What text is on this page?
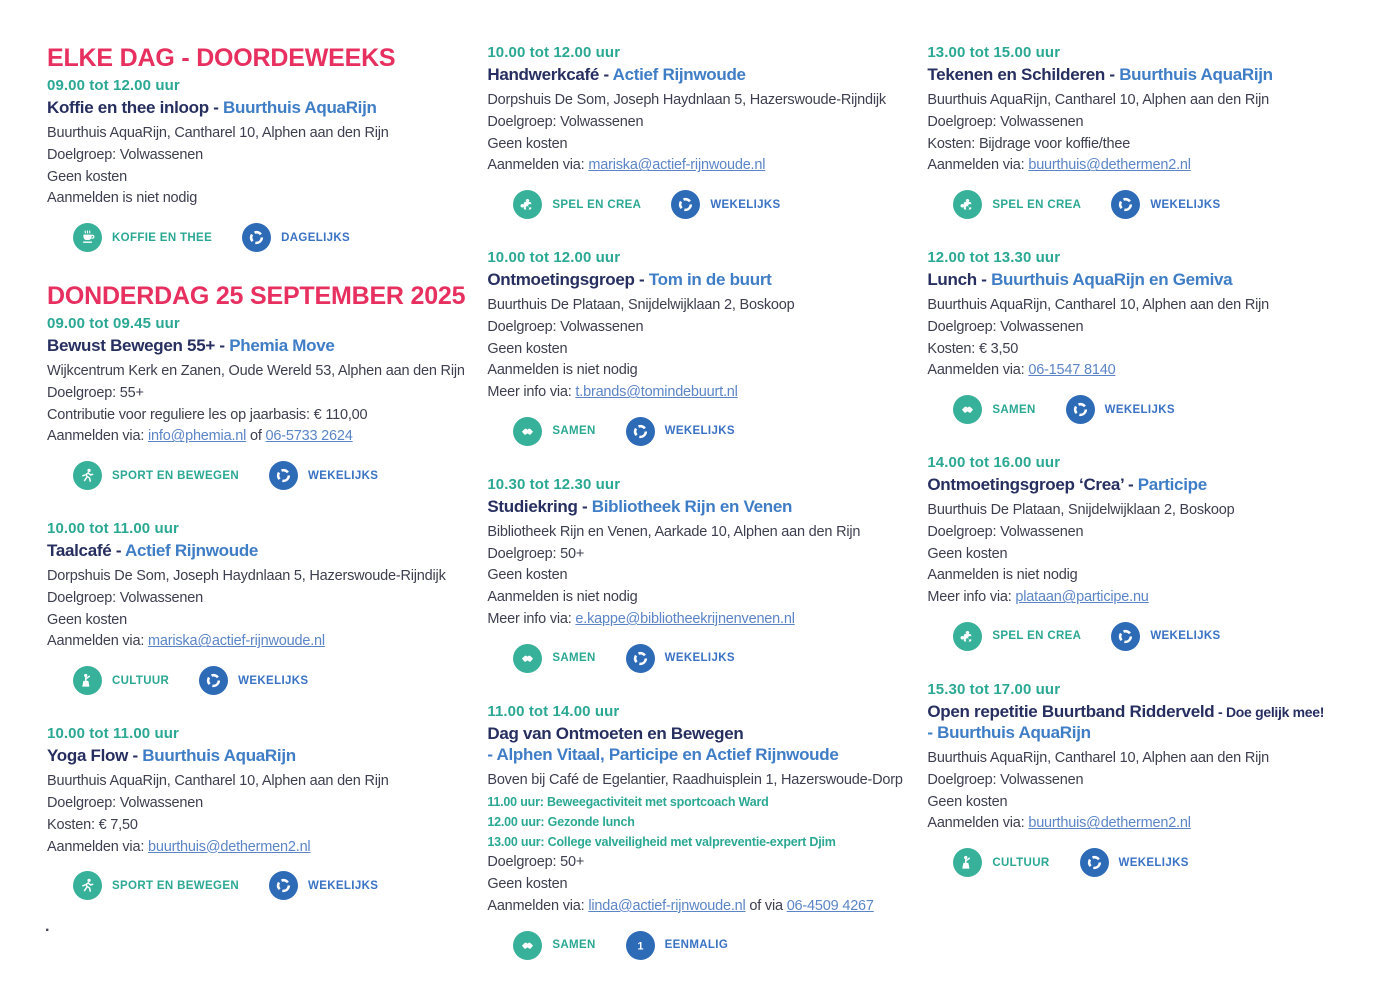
ELKE DAG - DOORDEWEEKS
09.00 tot 12.00 uur
Koffie en thee inloop - Buurthuis AquaRijn
Buurthuis AquaRijn, Cantharel 10, Alphen aan den Rijn
Doelgroep: Volwassenen
Geen kosten
Aanmelden is niet nodig
KOFFIE EN THEE	DAGELIJKS
DONDERDAG 25 SEPTEMBER 2025
09.00 tot 09.45 uur
Bewust Bewegen 55+ - Phemia Move
Wijkcentrum Kerk en Zanen, Oude Wereld 53, Alphen aan den Rijn
Doelgroep: 55+
Contributie voor reguliere les op jaarbasis: € 110,00
Aanmelden via: info@phemia.nl of 06-5733 2624
SPORT EN BEWEGEN	WEKELIJKS
10.00 tot 11.00 uur
Taalcafé - Actief Rijnwoude
Dorpshuis De Som, Joseph Haydnlaan 5, Hazerswoude-Rijndijk
Doelgroep: Volwassenen
Geen kosten
Aanmelden via: mariska@actief-rijnwoude.nl
CULTUUR	WEKELIJKS
10.00 tot 11.00 uur
Yoga Flow - Buurthuis AquaRijn
Buurthuis AquaRijn, Cantharel 10, Alphen aan den Rijn
Doelgroep: Volwassenen
Kosten: € 7,50
Aanmelden via: buurthuis@dethermen2.nl
SPORT EN BEWEGEN	WEKELIJKS
10.00 tot 12.00 uur
Handwerkcafé - Actief Rijnwoude
Dorpshuis De Som, Joseph Haydnlaan 5, Hazerswoude-Rijndijk
Doelgroep: Volwassenen
Geen kosten
Aanmelden via: mariska@actief-rijnwoude.nl
SPEL EN CREA	WEKELIJKS
10.00 tot 12.00 uur
Ontmoetingsgroep - Tom in de buurt
Buurthuis De Plataan, Snijdelwijklaan 2, Boskoop
Doelgroep: Volwassenen
Geen kosten
Aanmelden is niet nodig
Meer info via: t.brands@tomindebuurt.nl
SAMEN	WEKELIJKS
10.30 tot 12.30 uur
Studiekring - Bibliotheek Rijn en Venen
Bibliotheek Rijn en Venen, Aarkade 10, Alphen aan den Rijn
Doelgroep: 50+
Geen kosten
Aanmelden is niet nodig
Meer info via: e.kappe@bibliotheekrijnenvenen.nl
SAMEN	WEKELIJKS
11.00 tot 14.00 uur
Dag van Ontmoeten en Bewegen
- Alphen Vitaal, Participe en Actief Rijnwoude
Boven bij Café de Egelantier, Raadhuisplein 1, Hazerswoude-Dorp
11.00 uur: Beweegactiviteit met sportcoach Ward
12.00 uur: Gezonde lunch
13.00 uur: College valveiligheid met valpreventie-expert Djim
Doelgroep: 50+
Geen kosten
Aanmelden via: linda@actief-rijnwoude.nl of via 06-4509 4267
SAMEN	1 EENMALIG
13.00 tot 15.00 uur
Tekenen en Schilderen - Buurthuis AquaRijn
Buurthuis AquaRijn, Cantharel 10, Alphen aan den Rijn
Doelgroep: Volwassenen
Kosten: Bijdrage voor koffie/thee
Aanmelden via: buurthuis@dethermen2.nl
SPEL EN CREA	WEKELIJKS
12.00 tot 13.30 uur
Lunch - Buurthuis AquaRijn en Gemiva
Buurthuis AquaRijn, Cantharel 10, Alphen aan den Rijn
Doelgroep: Volwassenen
Kosten: € 3,50
Aanmelden via: 06-1547 8140
SAMEN	WEKELIJKS
14.00 tot 16.00 uur
Ontmoetingsgroep ‘Crea’ - Participe
Buurthuis De Plataan, Snijdelwijklaan 2, Boskoop
Doelgroep: Volwassenen
Geen kosten
Aanmelden is niet nodig
Meer info via: plataan@participe.nu
SPEL EN CREA	WEKELIJKS
15.30 tot 17.00 uur
Open repetitie Buurtband Ridderveld - Doe gelijk mee!
- Buurthuis AquaRijn
Buurthuis AquaRijn, Cantharel 10, Alphen aan den Rijn
Doelgroep: Volwassenen
Geen kosten
Aanmelden via: buurthuis@dethermen2.nl
CULTUUR	WEKELIJKS
.
